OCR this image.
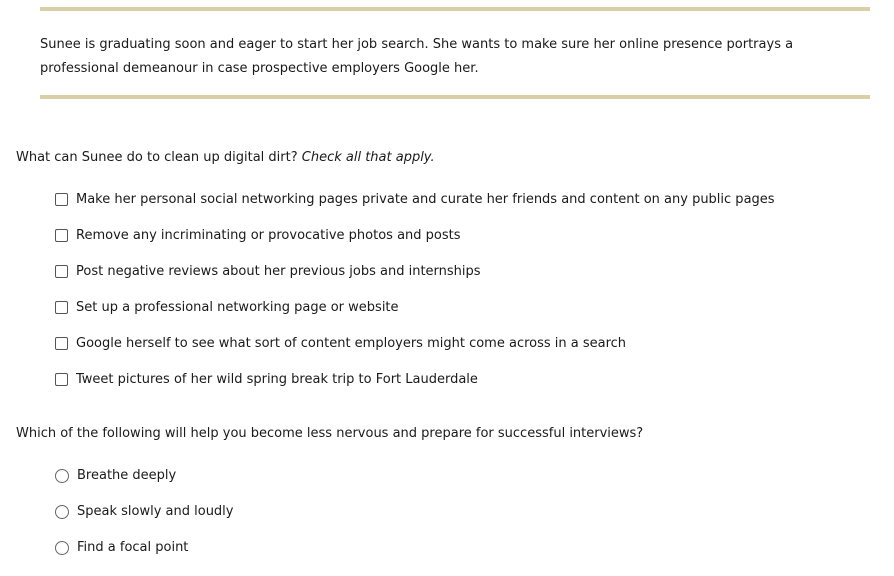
Sunee is graduating soon and eager to start her job search. She wants to make sure her online presence portrays a professional demeanour in case prospective employers Google her.

What can Sunee do to clean up digital dirt? Check all that apply.

Make her personal social networking pages private and curate her friends and content on any public pages
Remove any incriminating or provocative photos and posts
Post negative reviews about her previous jobs and internships
Set up a professional networking page or website
Google herself to see what sort of content employers might come across in a search
Tweet pictures of her wild spring break trip to Fort Lauderdale

Which of the following will help you become less nervous and prepare for successful interviews?

Breathe deeply
Speak slowly and loudly
Find a focal point
